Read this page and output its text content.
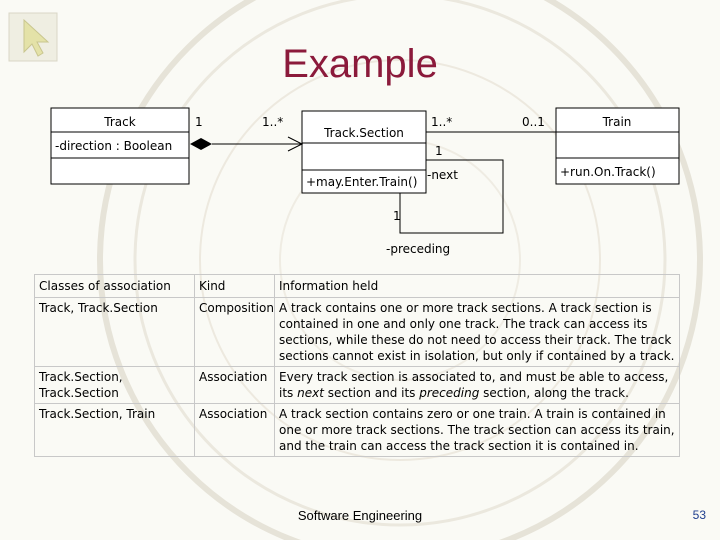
Example
Track
-direction : Boolean
Track.Section
+may.Enter.Train()
Train
+run.On.Track()
1	1..*	1..*	0..1
1
-next
1
-preceding
Classes of association	Kind	Information held
Track, Track.Section	Composition	A track contains one or more track sections. A track section is contained in one and only one track. The track can access its sections, while these do not need to access their track. The track sections cannot exist in isolation, but only if contained by a track.
Track.Section, Track.Section	Association	Every track section is associated to, and must be able to access, its next section and its preceding section, along the track.
Track.Section, Train	Association	A track section contains zero or one train. A train is contained in one or more track sections. The track section can access its train, and the train can access the track section it is contained in.
Software Engineering	53
